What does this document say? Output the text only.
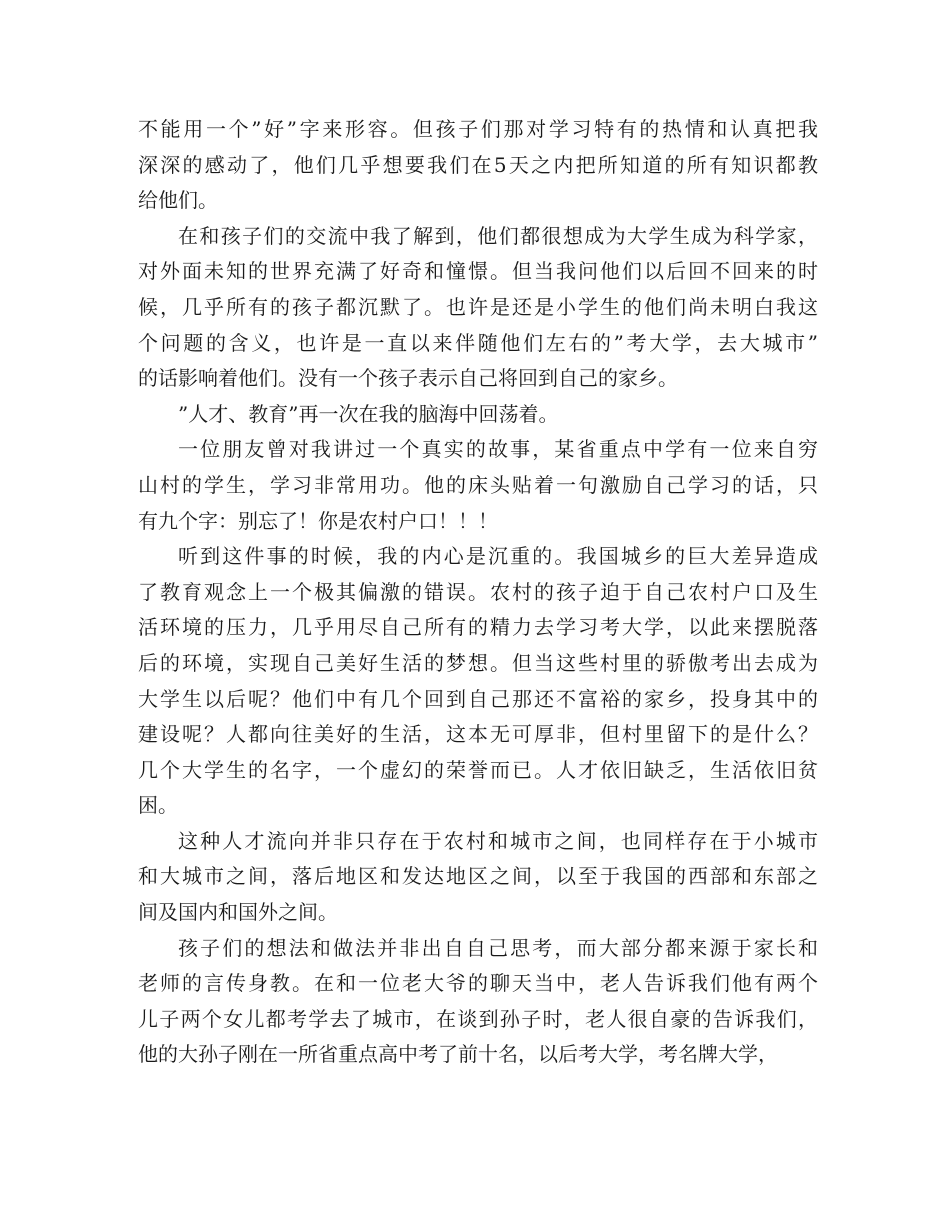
不能用一个”好”字来形容。但孩子们那对学习特有的热情和认真把我
深深的感动了，他们几乎想要我们在5天之内把所知道的所有知识都教
给他们。
在和孩子们的交流中我了解到，他们都很想成为大学生成为科学家，
对外面未知的世界充满了好奇和憧憬。但当我问他们以后回不回来的时
候，几乎所有的孩子都沉默了。也许是还是小学生的他们尚未明白我这
个问题的含义，也许是一直以来伴随他们左右的”考大学，去大城市”
的话影响着他们。没有一个孩子表示自己将回到自己的家乡。
”人才、教育”再一次在我的脑海中回荡着。
一位朋友曾对我讲过一个真实的故事，某省重点中学有一位来自穷
山村的学生，学习非常用功。他的床头贴着一句激励自己学习的话，只
有九个字：别忘了！你是农村户口！！！
听到这件事的时候，我的内心是沉重的。我国城乡的巨大差异造成
了教育观念上一个极其偏激的错误。农村的孩子迫于自己农村户口及生
活环境的压力，几乎用尽自己所有的精力去学习考大学，以此来摆脱落
后的环境，实现自己美好生活的梦想。但当这些村里的骄傲考出去成为
大学生以后呢？他们中有几个回到自己那还不富裕的家乡，投身其中的
建设呢？人都向往美好的生活，这本无可厚非，但村里留下的是什么？
几个大学生的名字，一个虚幻的荣誉而已。人才依旧缺乏，生活依旧贫
困。
这种人才流向并非只存在于农村和城市之间，也同样存在于小城市
和大城市之间，落后地区和发达地区之间，以至于我国的西部和东部之
间及国内和国外之间。
孩子们的想法和做法并非出自自己思考，而大部分都来源于家长和
老师的言传身教。在和一位老大爷的聊天当中，老人告诉我们他有两个
儿子两个女儿都考学去了城市，在谈到孙子时，老人很自豪的告诉我们，
他的大孙子刚在一所省重点高中考了前十名，以后考大学，考名牌大学，
